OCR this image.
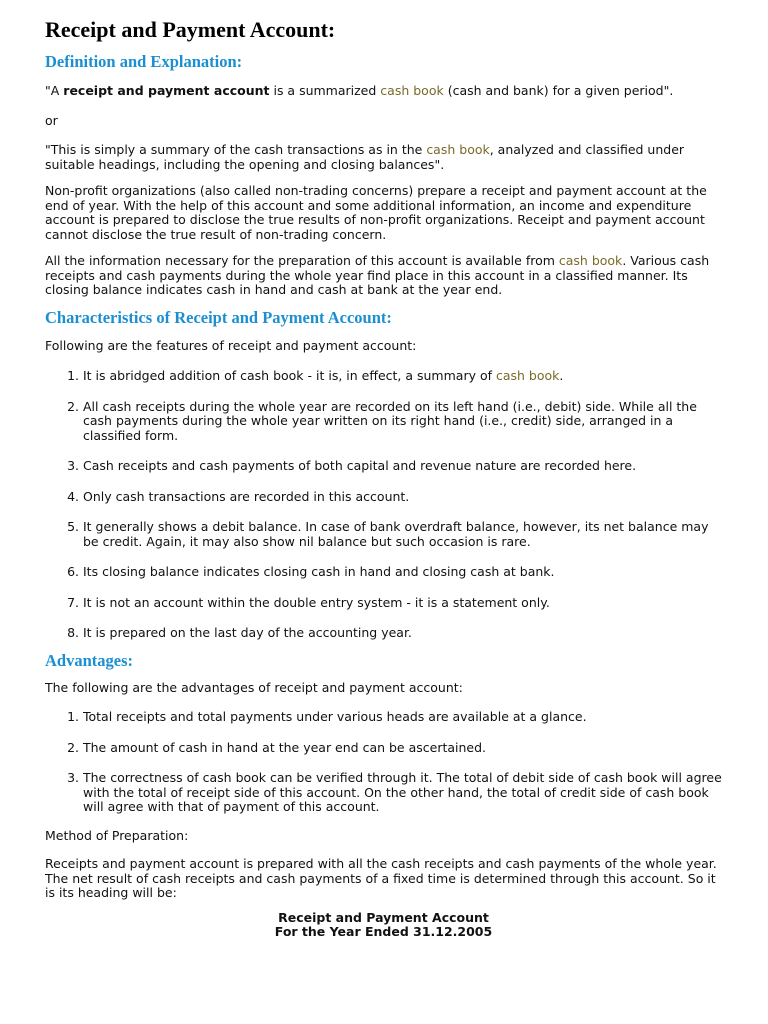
Receipt and Payment Account:
Definition and Explanation:

"A receipt and payment account is a summarized cash book (cash and bank) for a given period".

or

"This is simply a summary of the cash transactions as in the cash book, analyzed and classified under suitable headings, including the opening and closing balances".

Non-profit organizations (also called non-trading concerns) prepare a receipt and payment account at the end of year. With the help of this account and some additional information, an income and expenditure account is prepared to disclose the true results of non-profit organizations. Receipt and payment account cannot disclose the true result of non-trading concern.

All the information necessary for the preparation of this account is available from cash book. Various cash receipts and cash payments during the whole year find place in this account in a classified manner. Its closing balance indicates cash in hand and cash at bank at the year end.

Characteristics of Receipt and Payment Account:

Following are the features of receipt and payment account:

1. It is abridged addition of cash book - it is, in effect, a summary of cash book.
2. All cash receipts during the whole year are recorded on its left hand (i.e., debit) side. While all the cash payments during the whole year written on its right hand (i.e., credit) side, arranged in a classified form.
3. Cash receipts and cash payments of both capital and revenue nature are recorded here.
4. Only cash transactions are recorded in this account.
5. It generally shows a debit balance. In case of bank overdraft balance, however, its net balance may be credit. Again, it may also show nil balance but such occasion is rare.
6. Its closing balance indicates closing cash in hand and closing cash at bank.
7. It is not an account within the double entry system - it is a statement only.
8. It is prepared on the last day of the accounting year.
Advantages:

The following are the advantages of receipt and payment account:

1. Total receipts and total payments under various heads are available at a glance.
2. The amount of cash in hand at the year end can be ascertained.
3. The correctness of cash book can be verified through it. The total of debit side of cash book will agree with the total of receipt side of this account. On the other hand, the total of credit side of cash book will agree with that of payment of this account.

Method of Preparation:

Receipts and payment account is prepared with all the cash receipts and cash payments of the whole year. The net result of cash receipts and cash payments of a fixed time is determined through this account. So it is its heading will be:

Receipt and Payment Account

For the Year Ended 31.12.2005
